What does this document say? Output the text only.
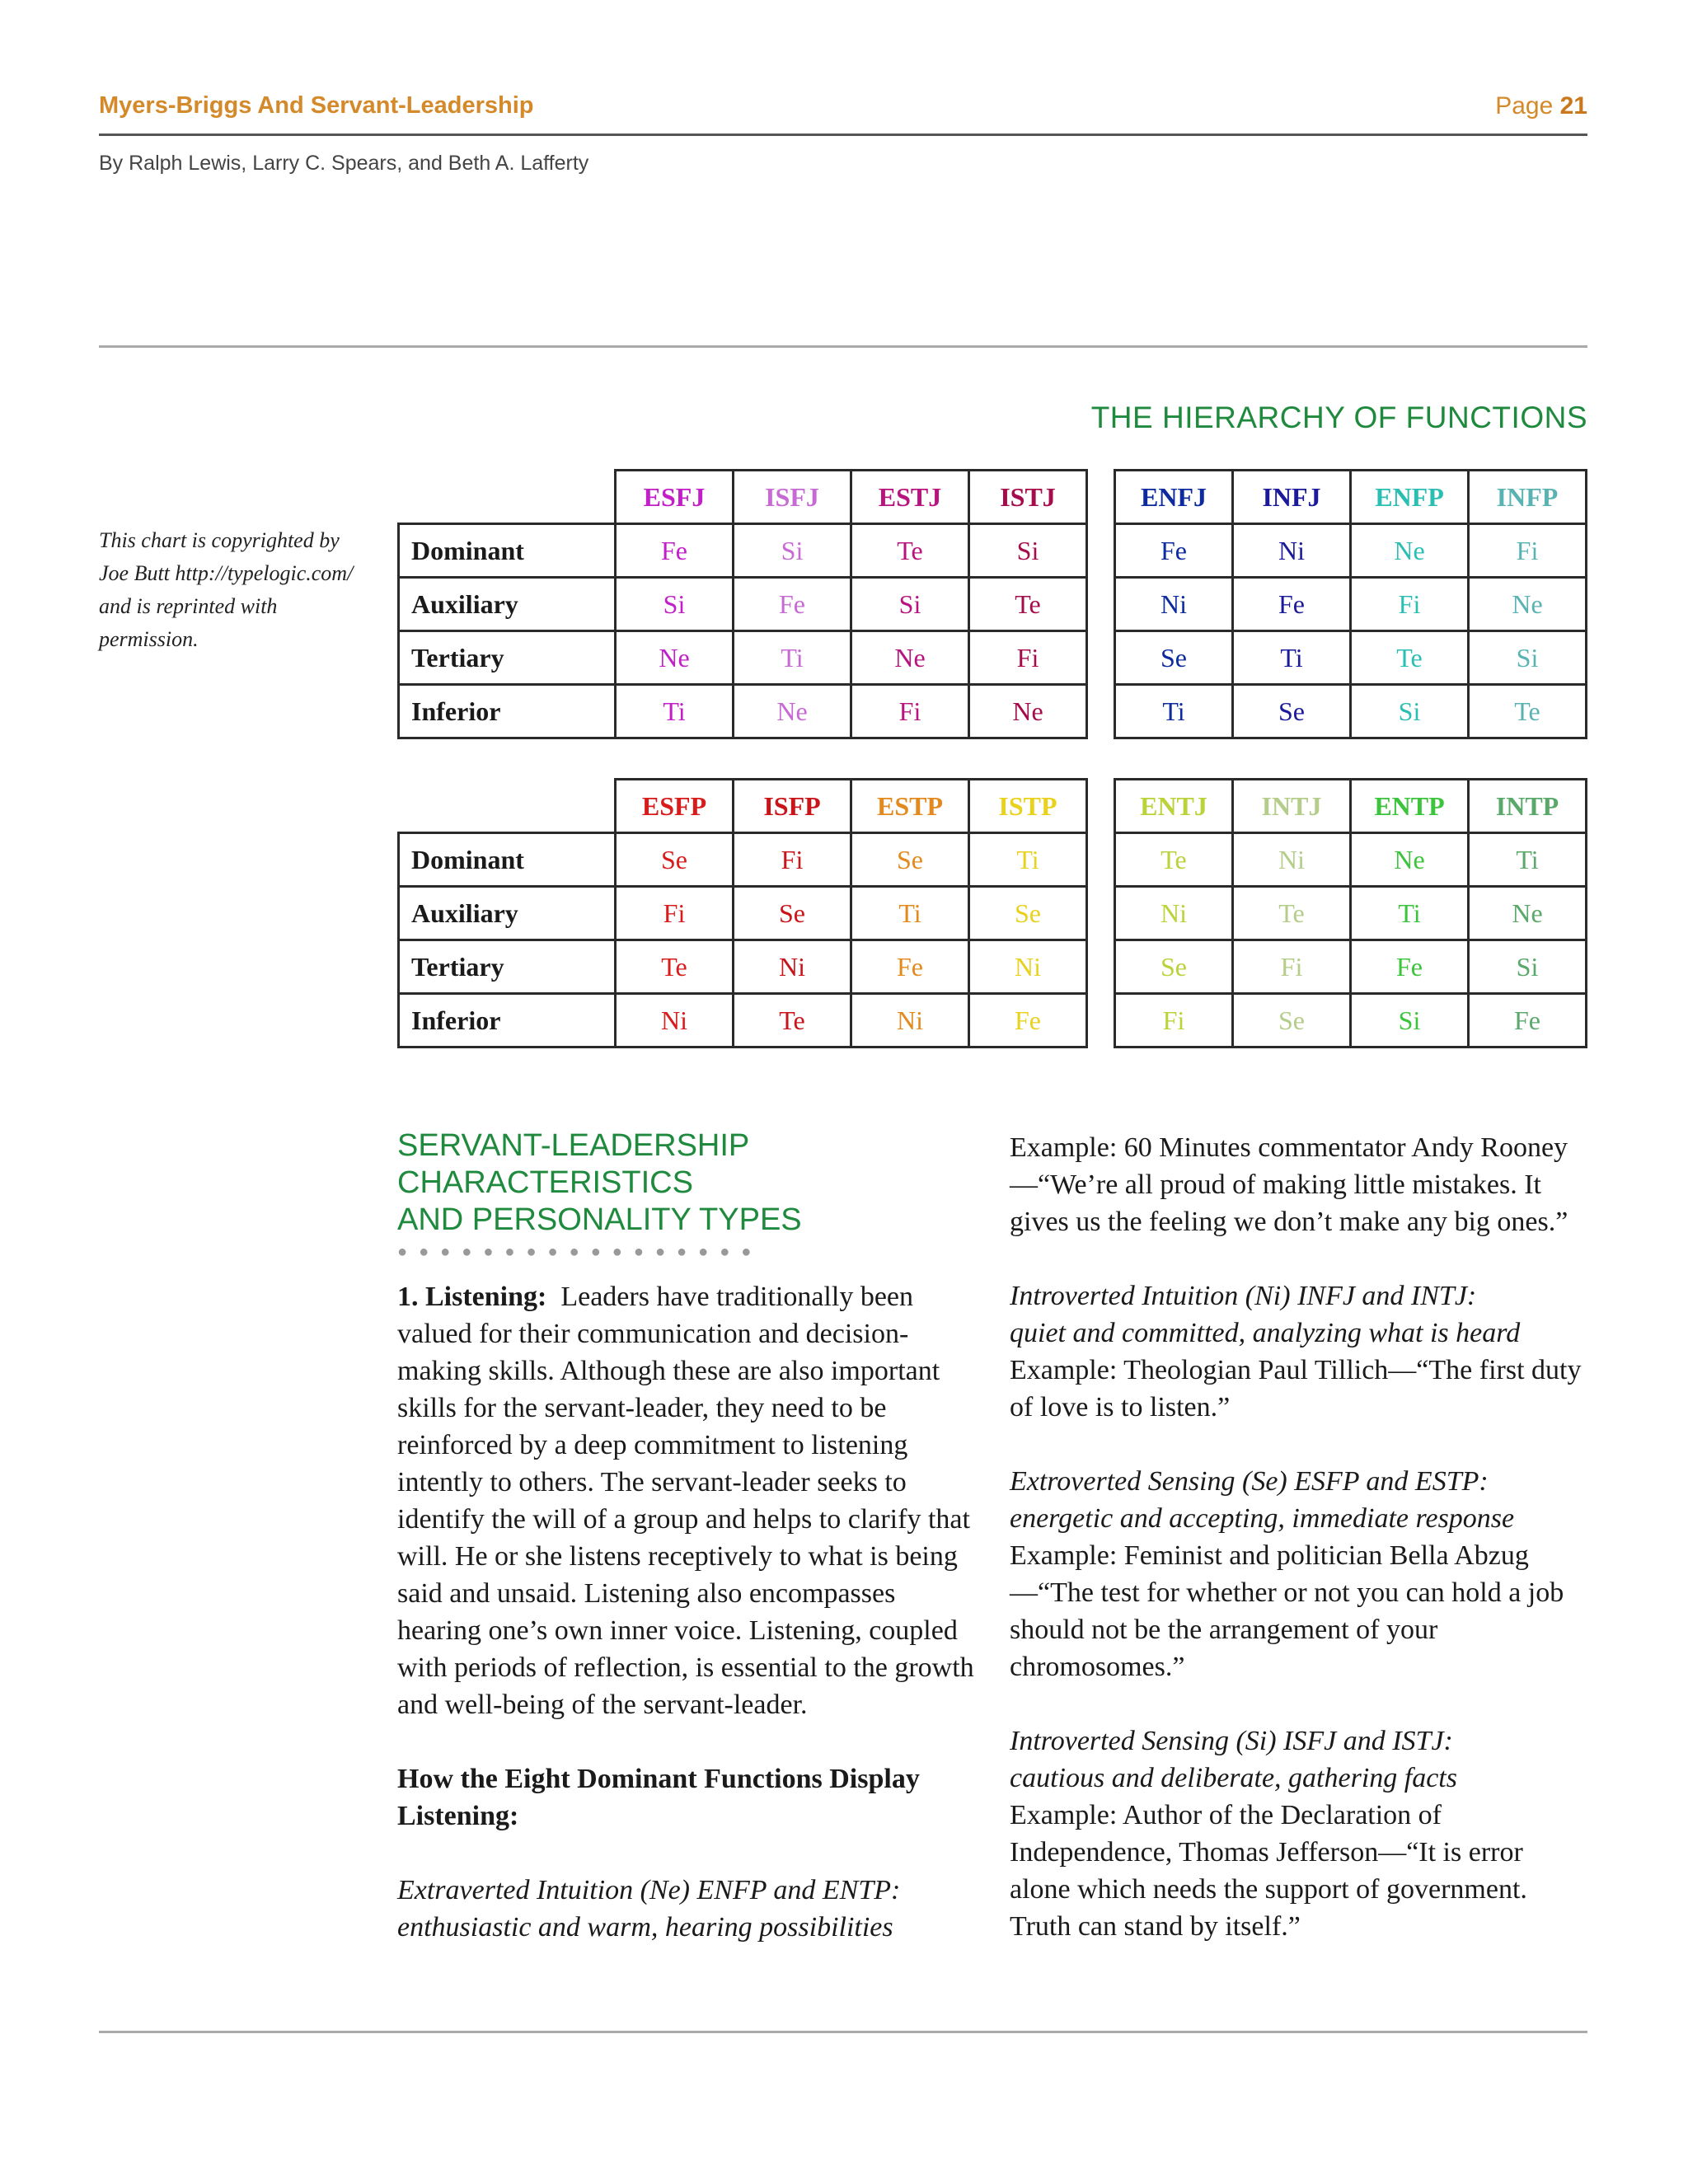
Myers-Briggs And Servant-Leadership	Page 21
By Ralph Lewis, Larry C. Spears, and Beth A. Lafferty
THE HIERARCHY OF FUNCTIONS
This chart is copyrighted by Joe Butt http://typelogic.com/ and is reprinted with permission.
	ESFJ	ISFJ	ESTJ	ISTJ
Dominant	Fe	Si	Te	Si
Auxiliary	Si	Fe	Si	Te
Tertiary	Ne	Ti	Ne	Fi
Inferior	Ti	Ne	Fi	Ne
ENFJ	INFJ	ENFP	INFP
Fe	Ni	Ne	Fi
Ni	Fe	Fi	Ne
Se	Ti	Te	Si
Ti	Se	Si	Te
	ESFP	ISFP	ESTP	ISTP
Dominant	Se	Fi	Se	Ti
Auxiliary	Fi	Se	Ti	Se
Tertiary	Te	Ni	Fe	Ni
Inferior	Ni	Te	Ni	Fe
ENTJ	INTJ	ENTP	INTP
Te	Ni	Ne	Ti
Ni	Te	Ti	Ne
Se	Fi	Fe	Si
Fi	Se	Si	Fe
SERVANT-LEADERSHIP
CHARACTERISTICS
AND PERSONALITY TYPES
●●●●●●●●●●●●●●●●●

1. Listening: Leaders have traditionally been valued for their communication and decision-making skills. Although these are also important skills for the servant-leader, they need to be reinforced by a deep commitment to listening intently to others. The servant-leader seeks to identify the will of a group and helps to clarify that will. He or she listens receptively to what is being said and unsaid. Listening also encompasses hearing one’s own inner voice. Listening, coupled with periods of reflection, is essential to the growth and well-being of the servant-leader.

How the Eight Dominant Functions Display Listening:

Extraverted Intuition (Ne) ENFP and ENTP:

enthusiastic and warm, hearing possibilities

Example: 60 Minutes commentator Andy Rooney—“We’re all proud of making little mistakes. It gives us the feeling we don’t make any big ones.”

Introverted Intuition (Ni) INFJ and INTJ:

quiet and committed, analyzing what is heard

Example: Theologian Paul Tillich—“The first duty of love is to listen.”

Extroverted Sensing (Se) ESFP and ESTP:

energetic and accepting, immediate response

Example: Feminist and politician Bella Abzug—“The test for whether or not you can hold a job should not be the arrangement of your chromosomes.”

Introverted Sensing (Si) ISFJ and ISTJ:

cautious and deliberate, gathering facts

Example: Author of the Declaration of Independence, Thomas Jefferson—“It is error alone which needs the support of government. Truth can stand by itself.”
